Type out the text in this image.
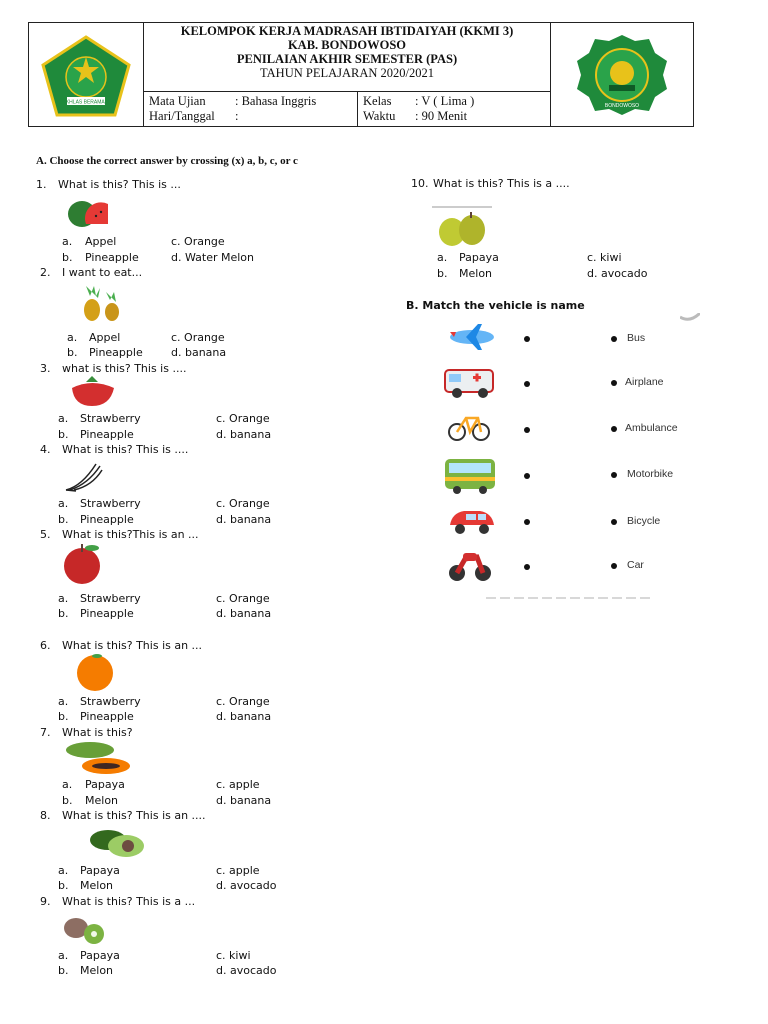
IKHLAS BERAMAL
KELOMPOK KERJA MADRASAH IBTIDAIYAH (KKMI 3)
KAB. BONDOWOSO
PENILAIAN AKHIR SEMESTER (PAS)
TAHUN PELAJARAN 2020/2021
Mata Ujian : Bahasa Inggris
Hari/Tanggal :
Kelas : V ( Lima )
Waktu : 90 Menit
BONDOWOSO
A. Choose the correct answer by crossing (x) a, b, c, or c
1. What is this? This is ...
a. Appel	c. Orange
b. Pineapple	d. Water Melon
2. I want to eat...
a. Appel	c. Orange
b. Pineapple	d. banana
3. what is this? This is ....
a. Strawberry	c. Orange
b. Pineapple	d. banana
4. What is this? This is ....
a. Strawberry	c. Orange
b. Pineapple	d. banana
5. What is this?This is an ...
a. Strawberry	c. Orange
b. Pineapple	d. banana
6. What is this? This is an ...
a. Strawberry	c. Orange
b. Pineapple	d. banana
7. What is this?
a. Papaya	c. apple
b. Melon	d. banana
8. What is this? This is an ....
a. Papaya	c. apple
b. Melon	d. avocado
9. What is this? This is a ...
a. Papaya	c. kiwi
b. Melon	d. avocado
10. What is this? This is a ....
a. Papaya	c. kiwi
b. Melon	d. avocado
B. Match the vehicle is name
Bus
Airplane
Ambulance
Motorbike
Bicycle
Car
